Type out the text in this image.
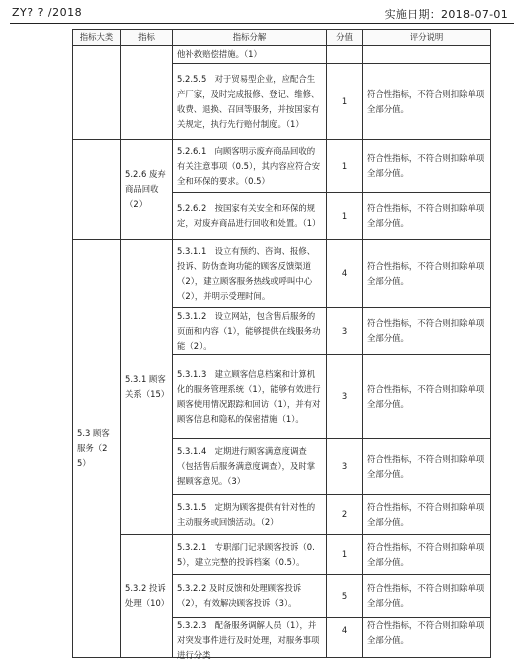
ZY? ? /2018	实施日期：2018-07-01
指标大类	指标	指标分解	分值	评分说明
		他补救赔偿措施。（1）		
		5.2.5.5　对于贸易型企业，应配合生产厂家，及时完成报修、登记、维修、收费、退换、召回等服务，并按国家有关规定，执行先行赔付制度。（1）	1	符合性指标，不符合则扣除单项全部分值。
	5.2.6 废弃商品回收（2）	5.2.6.1　向顾客明示废弃商品回收的有关注意事项（0.5），其内容应符合安全和环保的要求。（0.5）	1	符合性指标，不符合则扣除单项全部分值。
		5.2.6.2　按国家有关安全和环保的规定，对废弃商品进行回收和处置。（1）	1	符合性指标，不符合则扣除单项全部分值。
5.3 顾客服务（25）	5.3.1 顾客关系（15）	5.3.1.1　设立有预约、咨询、报修、投诉、防伪查询功能的顾客反馈渠道（2），建立顾客服务热线或呼叫中心（2），并明示受理时间。	4	符合性指标，不符合则扣除单项全部分值。
		5.3.1.2　设立网站，包含售后服务的页面和内容（1），能够提供在线服务功能（2）。	3	符合性指标，不符合则扣除单项全部分值。
		5.3.1.3　建立顾客信息档案和计算机化的服务管理系统（1），能够有效进行顾客使用情况跟踪和回访（1），并有对顾客信息和隐私的保密措施（1）。	3	符合性指标，不符合则扣除单项全部分值。
		5.3.1.4　定期进行顾客满意度调查（包括售后服务满意度调查），及时掌握顾客意见。（3）	3	符合性指标，不符合则扣除单项全部分值。
		5.3.1.5　定期为顾客提供有针对性的主动服务或回馈活动。（2）	2	符合性指标，不符合则扣除单项全部分值。
	5.3.2 投诉处理（10）	5.3.2.1　专职部门记录顾客投诉（0.5），建立完整的投诉档案（0.5）。	1	符合性指标，不符合则扣除单项全部分值。
		5.3.2.2 及时反馈和处理顾客投诉（2），有效解决顾客投诉（3）。	5	符合性指标，不符合则扣除单项全部分值。

		5.3.2.3　配备服务调解人员（1），并对突发事件进行及时处理，对服务事项进行分类	4	符合性指标，不符合则扣除单项全部分值。
